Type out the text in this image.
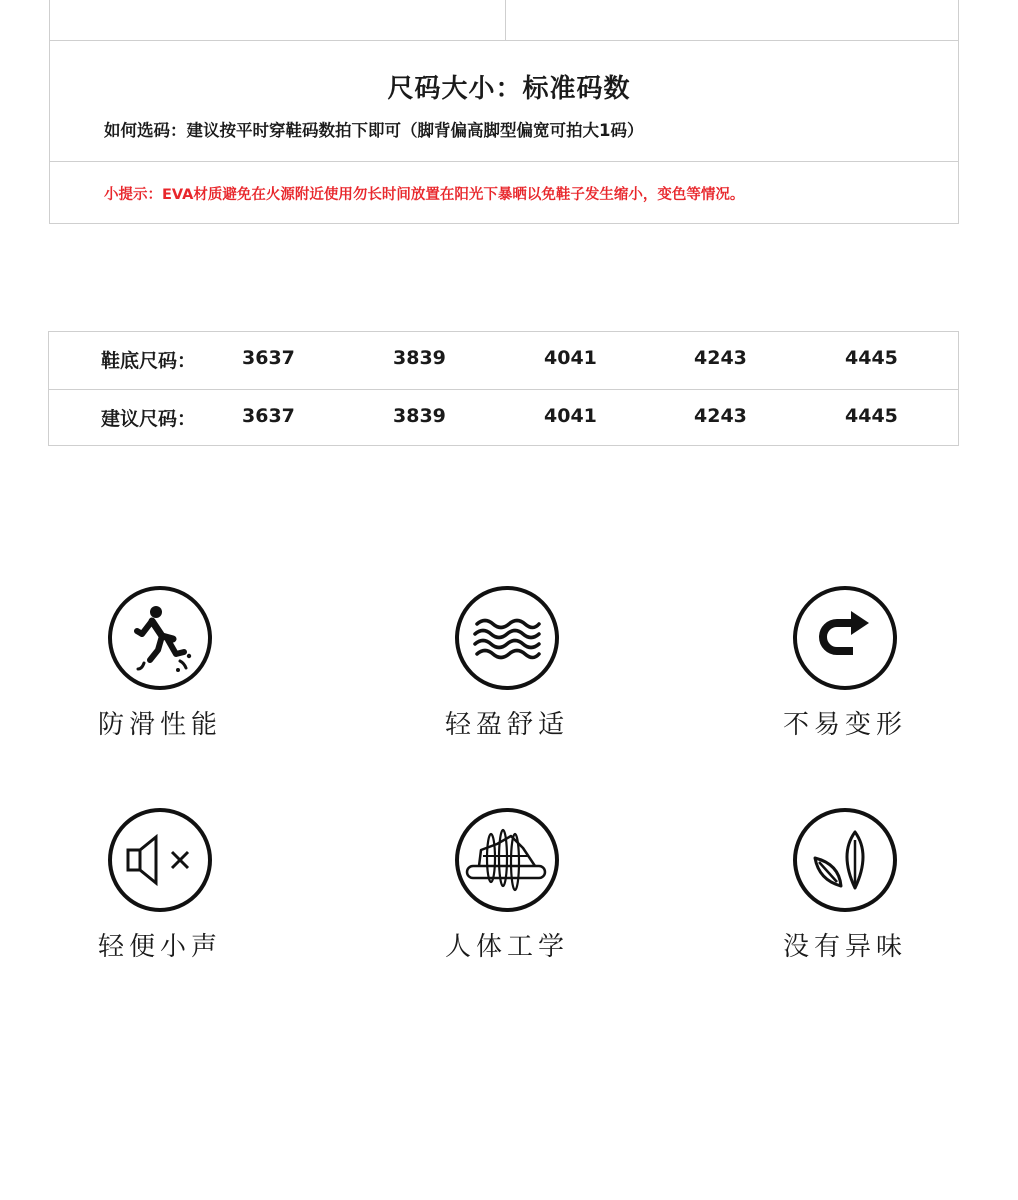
尺码大小：标准码数
如何选码：建议按平时穿鞋码数拍下即可（脚背偏高脚型偏宽可拍大1码）
小提示：EVA材质避免在火源附近使用勿长时间放置在阳光下暴晒以免鞋子发生缩小，变色等情况。
鞋底尺码： 3637	3839	4041	4243	4445
建议尺码： 3637	3839	4041	4243	4445
防滑性能	轻盈舒适	不易变形
轻便小声	人体工学	没有异味
